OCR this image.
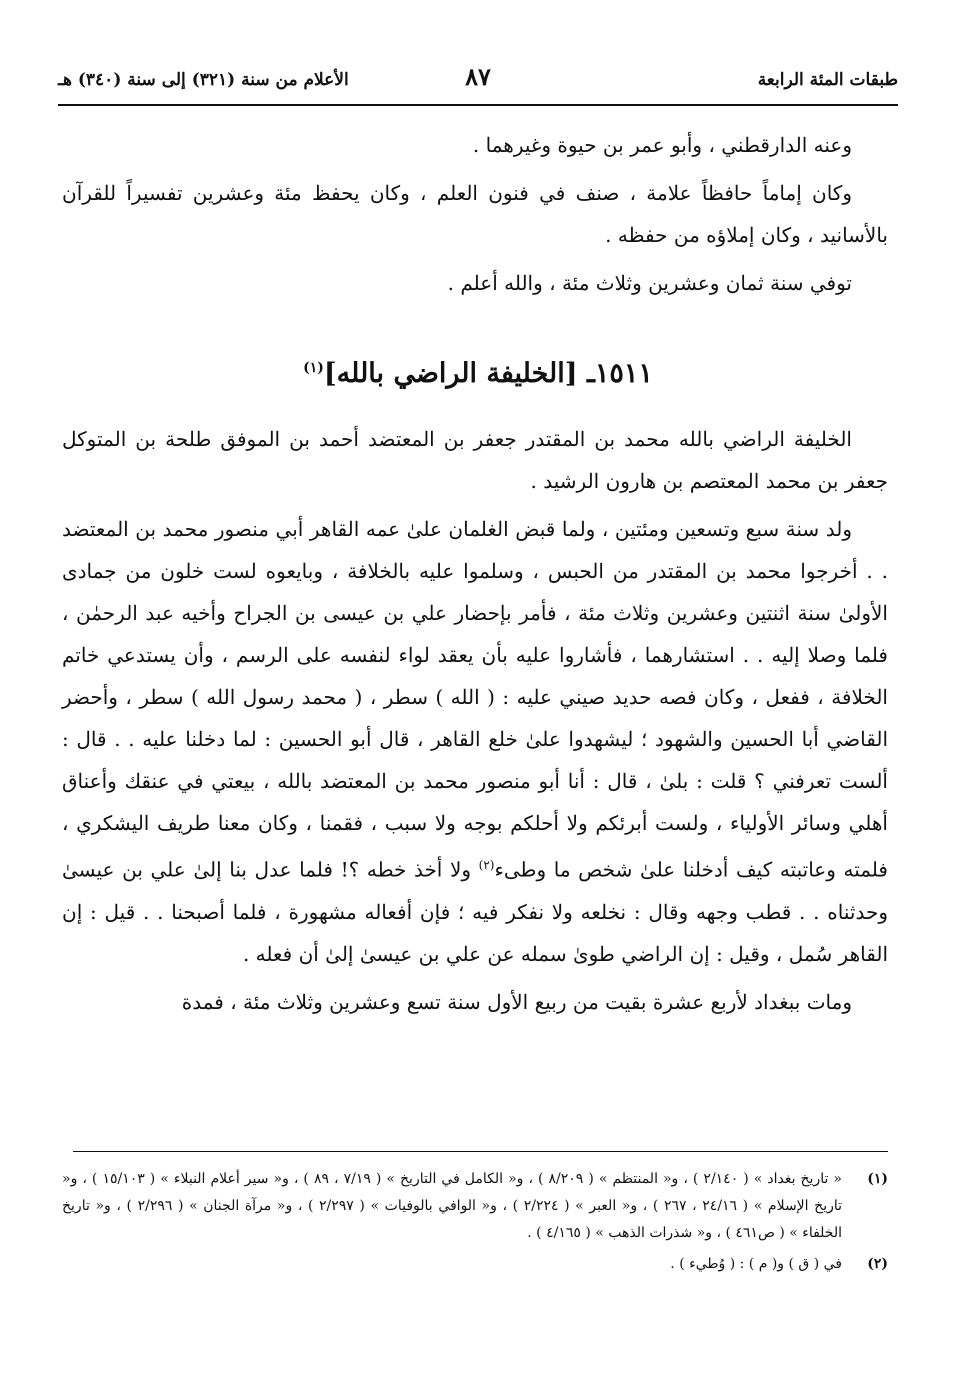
طبقات المئة الرابعة
٨٧
الأعلام من سنة (٣٢١) إلى سنة (٣٤٠) هـ

وعنه الدارقطني ، وأبو عمر بن حيوة وغيرهما .

وكان إماماً حافظاً علامة ، صنف في فنون العلم ، وكان يحفظ مئة وعشرين تفسيراً للقرآن بالأسانيد ، وكان إملاؤه من حفظه .

توفي سنة ثمان وعشرين وثلاث مئة ، والله أعلم .

١٥١١ـ [الخليفة الراضي بالله]$^{(١)}$

الخليفة الراضي بالله محمد بن المقتدر جعفر بن المعتضد أحمد بن الموفق طلحة بن المتوكل جعفر بن محمد المعتصم بن هارون الرشيد .

ولد سنة سبع وتسعين ومئتين ، ولما قبض الغلمان علىٰ عمه القاهر أبي منصور محمد بن المعتضد . . أخرجوا محمد بن المقتدر من الحبس ، وسلموا عليه بالخلافة ، وبايعوه لست خلون من جمادى الأولىٰ سنة اثنتين وعشرين وثلاث مئة ، فأمر بإحضار علي بن عيسى بن الجراح وأخيه عبد الرحمٰن ، فلما وصلا إليه . . استشارهما ، فأشاروا عليه بأن يعقد لواء لنفسه على الرسم ، وأن يستدعي خاتم الخلافة ، ففعل ، وكان فصه حديد صيني عليه : ( الله ) سطر ، ( محمد رسول الله ) سطر ، وأحضر القاضي أبا الحسين والشهود ؛ ليشهدوا علىٰ خلع القاهر ، قال أبو الحسين : لما دخلنا عليه . . قال : ألست تعرفني ؟ قلت : بلىٰ ، قال : أنا أبو منصور محمد بن المعتضد بالله ، بيعتي في عنقك وأعناق أهلي وسائر الأولياء ، ولست أبرئكم ولا أحلكم بوجه ولا سبب ، فقمنا ، وكان معنا طريف اليشكري ، فلمته وعاتبته كيف أدخلنا علىٰ شخص ما وطىء$^{(٢)}$ ولا أخذ خطه ؟! فلما عدل بنا إلىٰ علي بن عيسىٰ وحدثناه . . قطب وجهه وقال : نخلعه ولا نفكر فيه ؛ فإن أفعاله مشهورة ، فلما أصبحنا . . قيل : إن القاهر سُمل ، وقيل : إن الراضي طوىٰ سمله عن علي بن عيسىٰ إلىٰ أن فعله .

ومات ببغداد لأربع عشرة بقيت من ربيع الأول سنة تسع وعشرين وثلاث مئة ، فمدة

(١)
« تاريخ بغداد » ( ٢/١٤٠ ) ، و« المنتظم » ( ٨/٢٠٩ ) ، و« الكامل في التاريخ » ( ٧/١٩ ، ٨٩ ) ، و« سير أعلام النبلاء » ( ١٥/١٠٣ ) ، و« تاريخ الإسلام » ( ٢٤/١٦ ، ٢٦٧ ) ، و« العبر » ( ٢/٢٢٤ ) ، و« الوافي بالوفيات » ( ٢/٢٩٧ ) ، و« مرآة الجنان » ( ٢/٢٩٦ ) ، و« تاريخ الخلفاء » ( ص٤٦١ ) ، و« شذرات الذهب » ( ٤/١٦٥ ) .
(٢)
في ( ق ) و( م ) : ( وُطيء ) .
